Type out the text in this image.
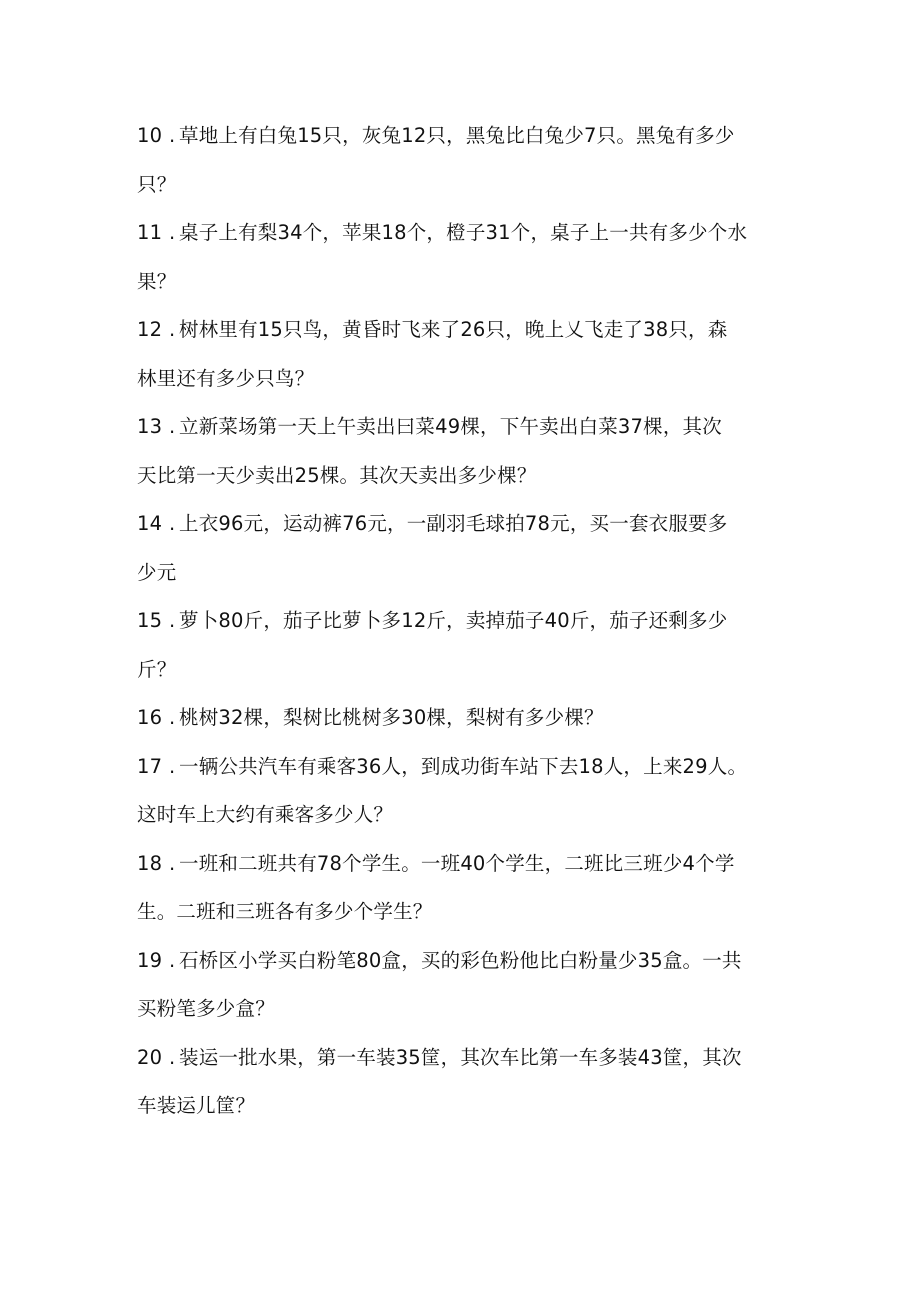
10 . 草地上有白兔15只，灰兔12只，黑兔比白兔少7只。黑兔有多少
只？
11 . 桌子上有梨34个，苹果18个，橙子31个，桌子上一共有多少个水
果？
12 . 树林里有15只鸟，黄昏时飞来了26只，晚上乂飞走了38只，森
林里还有多少只鸟？
13 . 立新菜场第一天上午卖出曰菜49棵，下午卖出白菜37棵，其次
天比第一天少卖出25棵。其次天卖出多少棵？
14 . 上衣96元，运动裤76元，一副羽毛球拍78元，买一套衣服要多
少元
15 . 萝卜80斤，茄子比萝卜多12斤，卖掉茄子40斤，茄子还剩多少
斤？
16 . 桃树32棵，梨树比桃树多30棵，梨树有多少棵？
17 . 一辆公共汽车有乘客36人，到成功街车站下去18人，上来29人。
这时车上大约有乘客多少人？
18 . 一班和二班共有78个学生。一班40个学生，二班比三班少4个学
生。二班和三班各有多少个学生？
19 . 石桥区小学买白粉笔80盒，买的彩色粉他比白粉量少35盒。一共
买粉笔多少盒？
20 . 装运一批水果，第一车装35筐，其次车比第一车多装43筐，其次
车装运儿筐？
